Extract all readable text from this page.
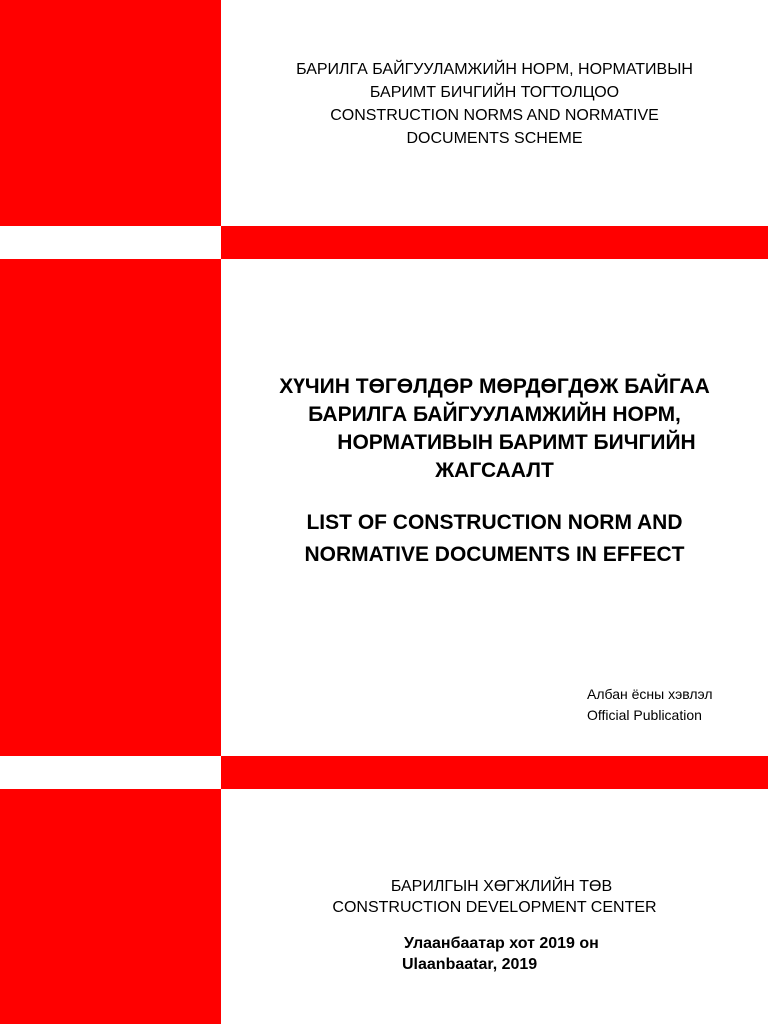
БАРИЛГА БАЙГУУЛАМЖИЙН НОРМ, НОРМАТИВЫН
БАРИМТ БИЧГИЙН ТОГТОЛЦОО
CONSTRUCTION NORMS AND NORMATIVE
DOCUMENTS SCHEME
ХҮЧИН ТӨГӨЛДӨР МӨРДӨГДӨЖ БАЙГАА
БАРИЛГА БАЙГУУЛАМЖИЙН НОРМ,
НОРМАТИВЫН БАРИМТ БИЧГИЙН
ЖАГСААЛТ
LIST OF CONSTRUCTION NORM AND
NORMATIVE DOCUMENTS IN EFFECT
Албан ёсны хэвлэл
Official Publication
БАРИЛГЫН ХӨГЖЛИЙН ТӨВ
CONSTRUCTION DEVELOPMENT CENTER
Улаанбаатар хот 2019 он
Ulaanbaatar, 2019
